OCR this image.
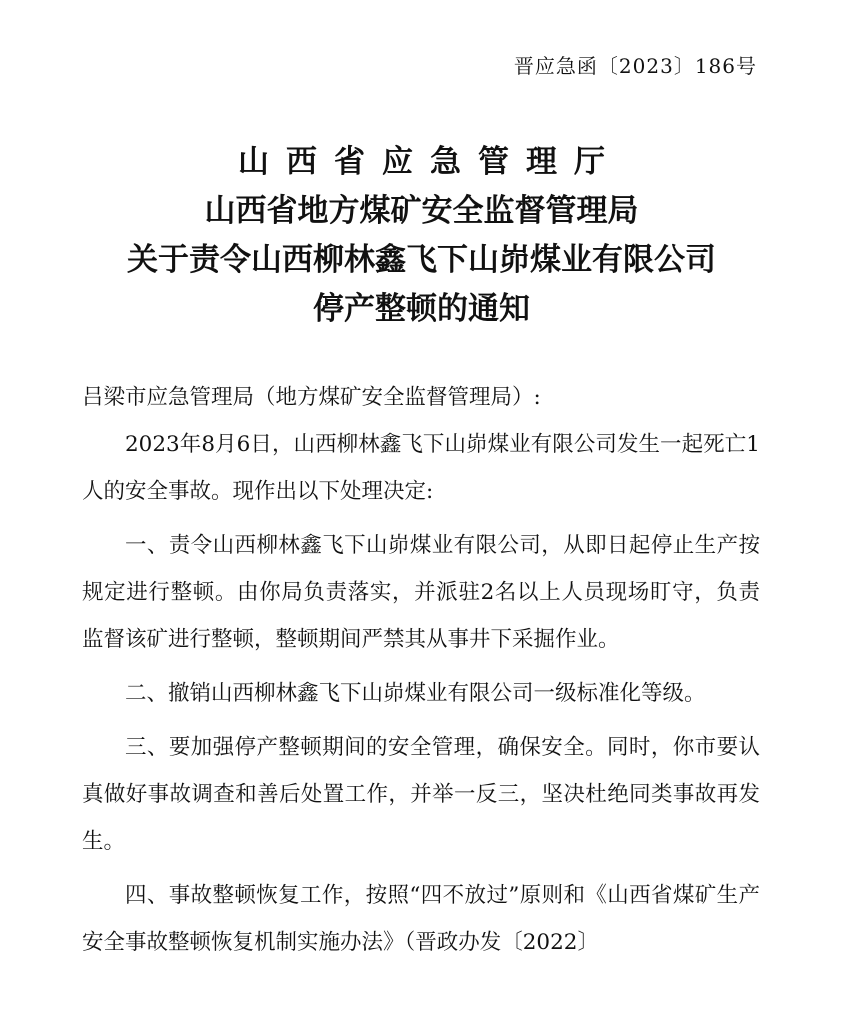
晋应急函〔2023〕186号
山西省应急管理厅
山西省地方煤矿安全监督管理局
关于责令山西柳林鑫飞下山峁煤业有限公司
停产整顿的通知
吕梁市应急管理局（地方煤矿安全监督管理局）:

2023年8月6日，山西柳林鑫飞下山峁煤业有限公司发生一起死亡1人的安全事故。现作出以下处理决定:

一、责令山西柳林鑫飞下山峁煤业有限公司，从即日起停止生产按规定进行整顿。由你局负责落实，并派驻2名以上人员现场盯守，负责监督该矿进行整顿，整顿期间严禁其从事井下采掘作业。

二、撤销山西柳林鑫飞下山峁煤业有限公司一级标准化等级。

三、要加强停产整顿期间的安全管理，确保安全。同时，你市要认真做好事故调查和善后处置工作，并举一反三，坚决杜绝同类事故再发生。

四、事故整顿恢复工作，按照“四不放过”原则和《山西省煤矿生产安全事故整顿恢复机制实施办法》（晋政办发〔2022〕
